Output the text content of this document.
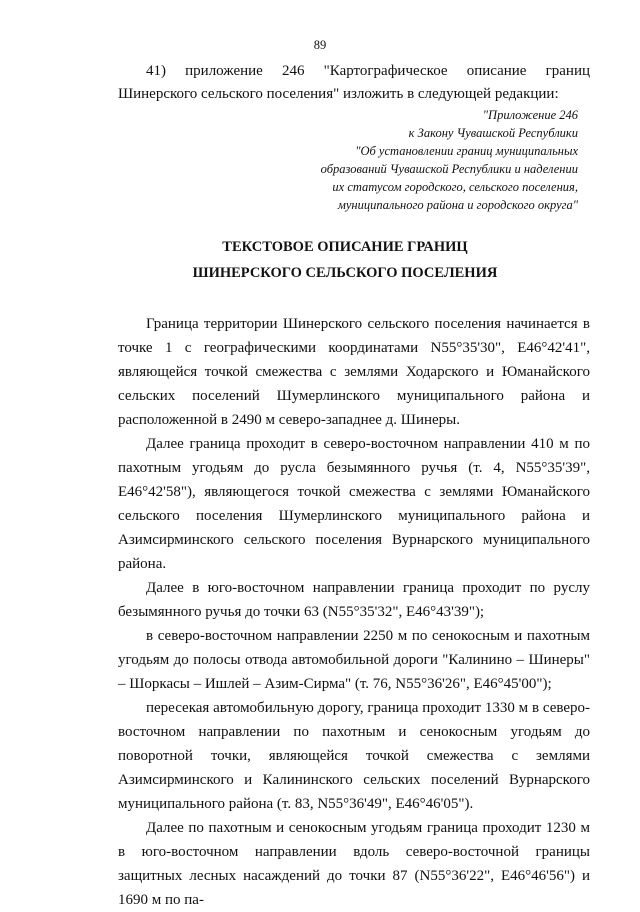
89

41) приложение 246 "Картографическое описание границ Шинерского сельского поселения" изложить в следующей редакции:

"Приложение 246
к Закону Чувашской Республики
"Об установлении границ муниципальных
образований Чувашской Республики и наделении
их статусом городского, сельского поселения,
муниципального района и городского округа"
ТЕКСТОВОЕ ОПИСАНИЕ ГРАНИЦ
ШИНЕРСКОГО СЕЛЬСКОГО ПОСЕЛЕНИЯ

Граница территории Шинерского сельского поселения начинается в точке 1 с географическими координатами N55°35'30", E46°42'41", являющейся точкой смежества с землями Ходарского и Юманайского сельских поселений Шумерлинского муниципального района и расположенной в 2490 м северо-западнее д. Шинеры.

Далее граница проходит в северо-восточном направлении 410 м по пахотным угодьям до русла безымянного ручья (т. 4, N55°35'39", E46°42'58"), являющегося точкой смежества с землями Юманайского сельского поселения Шумерлинского муниципального района и Азимсирминского сельского поселения Вурнарского муниципального района.

Далее в юго-восточном направлении граница проходит по руслу безымянного ручья до точки 63 (N55°35'32", E46°43'39");

в северо-восточном направлении 2250 м по сенокосным и пахотным угодьям до полосы отвода автомобильной дороги "Калинино – Шинеры" – Шоркасы – Ишлей – Азим-Сирма" (т. 76, N55°36'26", E46°45'00");

пересекая автомобильную дорогу, граница проходит 1330 м в северо-восточном направлении по пахотным и сенокосным угодьям до поворотной точки, являющейся точкой смежества с землями Азимсирминского и Калининского сельских поселений Вурнарского муниципального района (т. 83, N55°36'49", E46°46'05").

Далее по пахотным и сенокосным угодьям граница проходит 1230 м в юго-восточном направлении вдоль северо-восточной границы защитных лесных насаждений до точки 87 (N55°36'22", E46°46'56") и 1690 м по па-
